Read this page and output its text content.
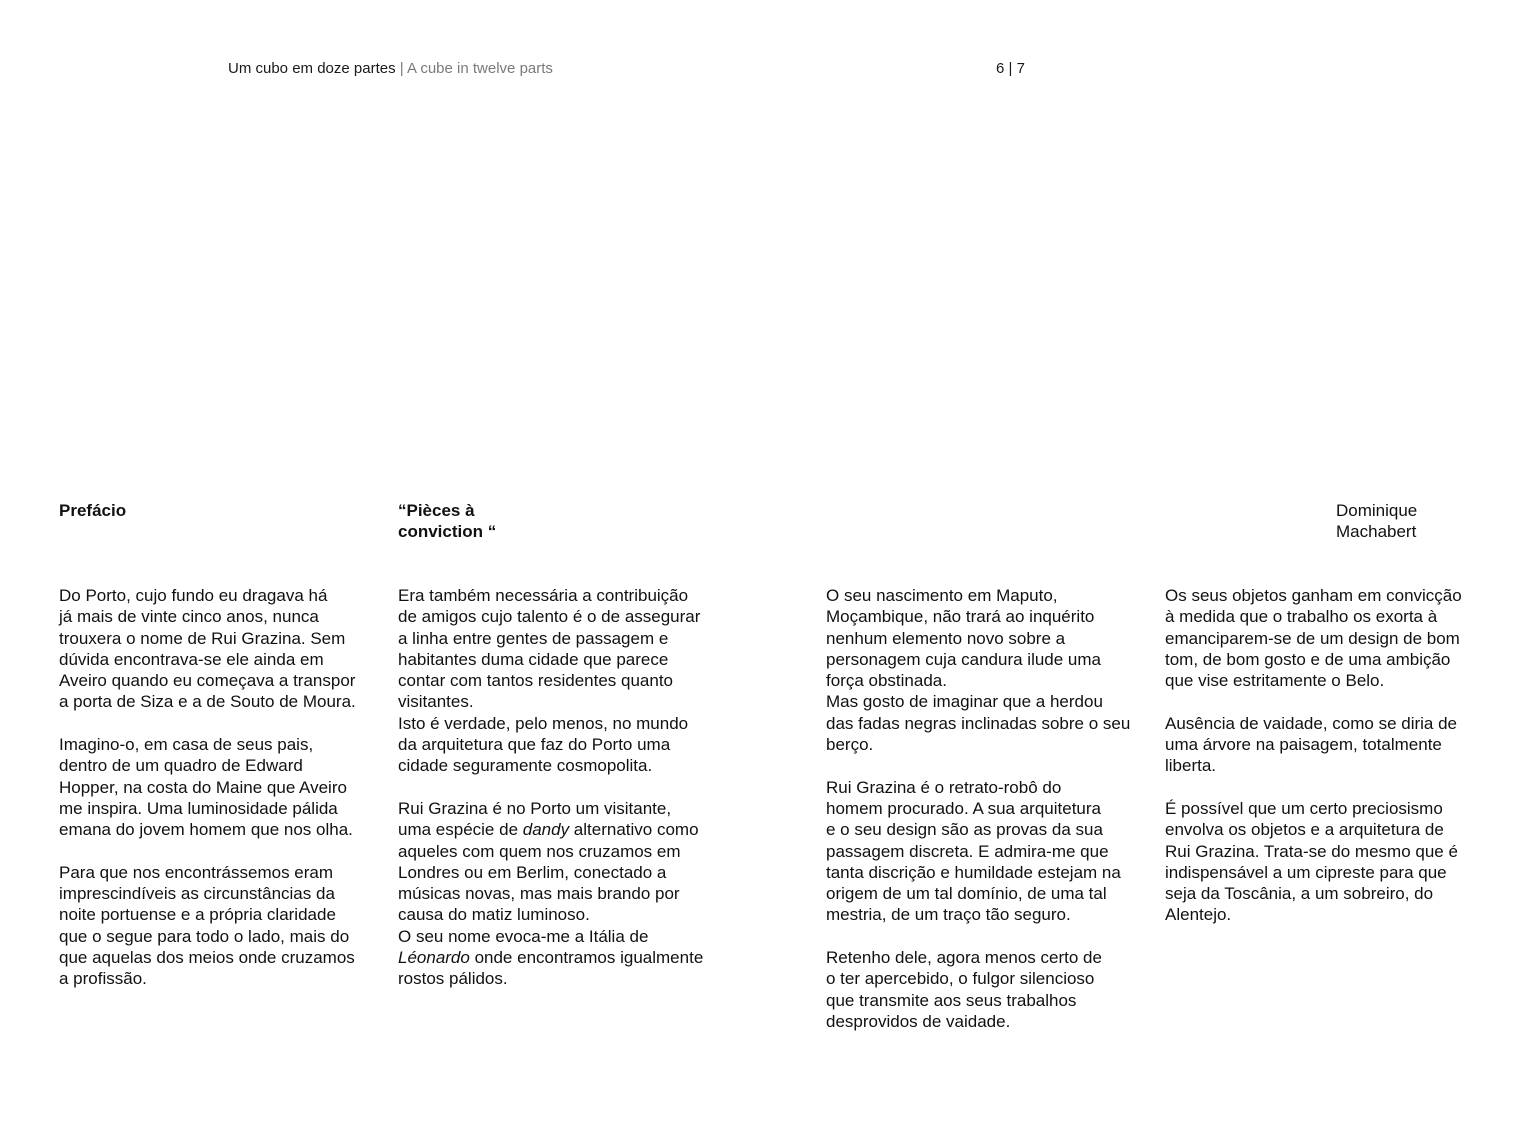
Um cubo em doze partes | A cube in twelve parts	6 | 7
Prefácio	“Pièces à
conviction “
Dominique
Machabert

Do Porto, cujo fundo eu dragava há
já mais de vinte cinco anos, nunca
trouxera o nome de Rui Grazina. Sem
dúvida encontrava-se ele ainda em
Aveiro quando eu começava a transpor
a porta de Siza e a de Souto de Moura.

Imagino-o, em casa de seus pais,
dentro de um quadro de Edward
Hopper, na costa do Maine que Aveiro
me inspira. Uma luminosidade pálida
emana do jovem homem que nos olha.

Para que nos encontrássemos eram
imprescindíveis as circunstâncias da
noite portuense e a própria claridade
que o segue para todo o lado, mais do
que aquelas dos meios onde cruzamos
a profissão.

Era também necessária a contribuição
de amigos cujo talento é o de assegurar
a linha entre gentes de passagem e
habitantes duma cidade que parece
contar com tantos residentes quanto
visitantes.
Isto é verdade, pelo menos, no mundo
da arquitetura que faz do Porto uma
cidade seguramente cosmopolita.

Rui Grazina é no Porto um visitante,
uma espécie de dandy alternativo como
aqueles com quem nos cruzamos em
Londres ou em Berlim, conectado a
músicas novas, mas mais brando por
causa do matiz luminoso.
O seu nome evoca-me a Itália de
Léonardo onde encontramos igualmente
rostos pálidos.

O seu nascimento em Maputo,
Moçambique, não trará ao inquérito
nenhum elemento novo sobre a
personagem cuja candura ilude uma
força obstinada.
Mas gosto de imaginar que a herdou
das fadas negras inclinadas sobre o seu
berço.

Rui Grazina é o retrato-robô do
homem procurado. A sua arquitetura
e o seu design são as provas da sua
passagem discreta. E admira-me que
tanta discrição e humildade estejam na
origem de um tal domínio, de uma tal
mestria, de um traço tão seguro.

Retenho dele, agora menos certo de
o ter apercebido, o fulgor silencioso
que transmite aos seus trabalhos
desprovidos de vaidade.

Os seus objetos ganham em convicção
à medida que o trabalho os exorta à
emanciparem-se de um design de bom
tom, de bom gosto e de uma ambição
que vise estritamente o Belo.

Ausência de vaidade, como se diria de
uma árvore na paisagem, totalmente
liberta.

É possível que um certo preciosismo
envolva os objetos e a arquitetura de
Rui Grazina. Trata-se do mesmo que é
indispensável a um cipreste para que
seja da Toscânia, a um sobreiro, do
Alentejo.
